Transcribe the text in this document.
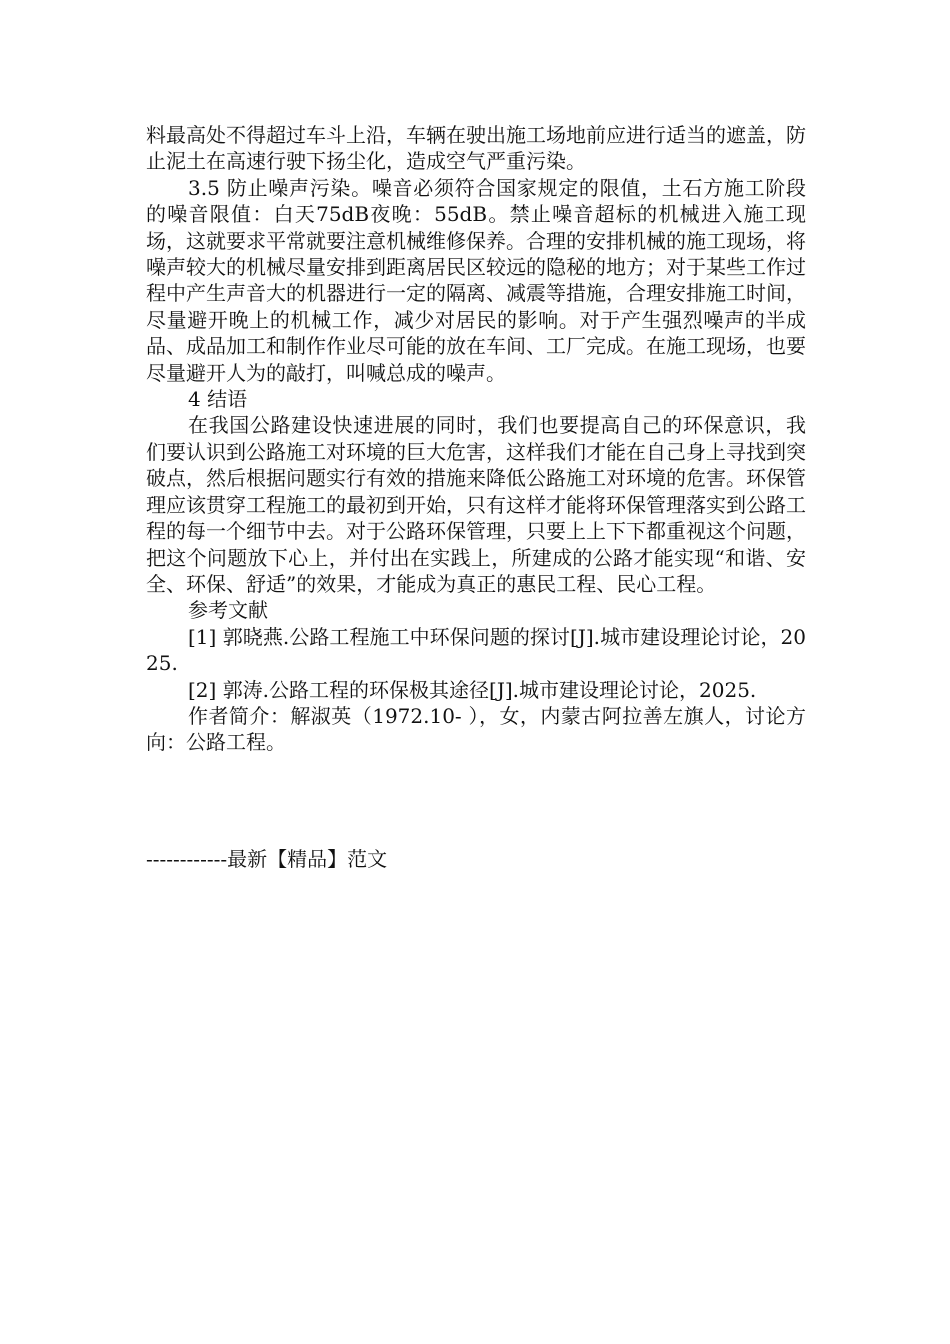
料最高处不得超过车斗上沿，车辆在驶出施工场地前应进行适当的遮盖，防止泥土在高速行驶下扬尘化，造成空气严重污染。

3.5 防止噪声污染。噪音必须符合国家规定的限值，土石方施工阶段的噪音限值：白天75dB夜晚：55dB。禁止噪音超标的机械进入施工现场，这就要求平常就要注意机械维修保养。合理的安排机械的施工现场，将噪声较大的机械尽量安排到距离居民区较远的隐秘的地方；对于某些工作过程中产生声音大的机器进行一定的隔离、减震等措施，合理安排施工时间，尽量避开晚上的机械工作，减少对居民的影响。对于产生强烈噪声的半成品、成品加工和制作作业尽可能的放在车间、工厂完成。在施工现场，也要尽量避开人为的敲打，叫喊总成的噪声。

4 结语

在我国公路建设快速进展的同时，我们也要提高自己的环保意识，我们要认识到公路施工对环境的巨大危害，这样我们才能在自己身上寻找到突破点，然后根据问题实行有效的措施来降低公路施工对环境的危害。环保管理应该贯穿工程施工的最初到开始，只有这样才能将环保管理落实到公路工程的每一个细节中去。对于公路环保管理，只要上上下下都重视这个问题，把这个问题放下心上，并付出在实践上，所建成的公路才能实现“和谐、安全、环保、舒适”的效果，才能成为真正的惠民工程、民心工程。

参考文献

[1] 郭晓燕.公路工程施工中环保问题的探讨[J].城市建设理论讨论，2025.

[2] 郭涛.公路工程的环保极其途径[J].城市建设理论讨论，2025.

作者简介：解淑英（1972.10- ），女，内蒙古阿拉善左旗人，讨论方向：公路工程。

------------最新【精品】范文
